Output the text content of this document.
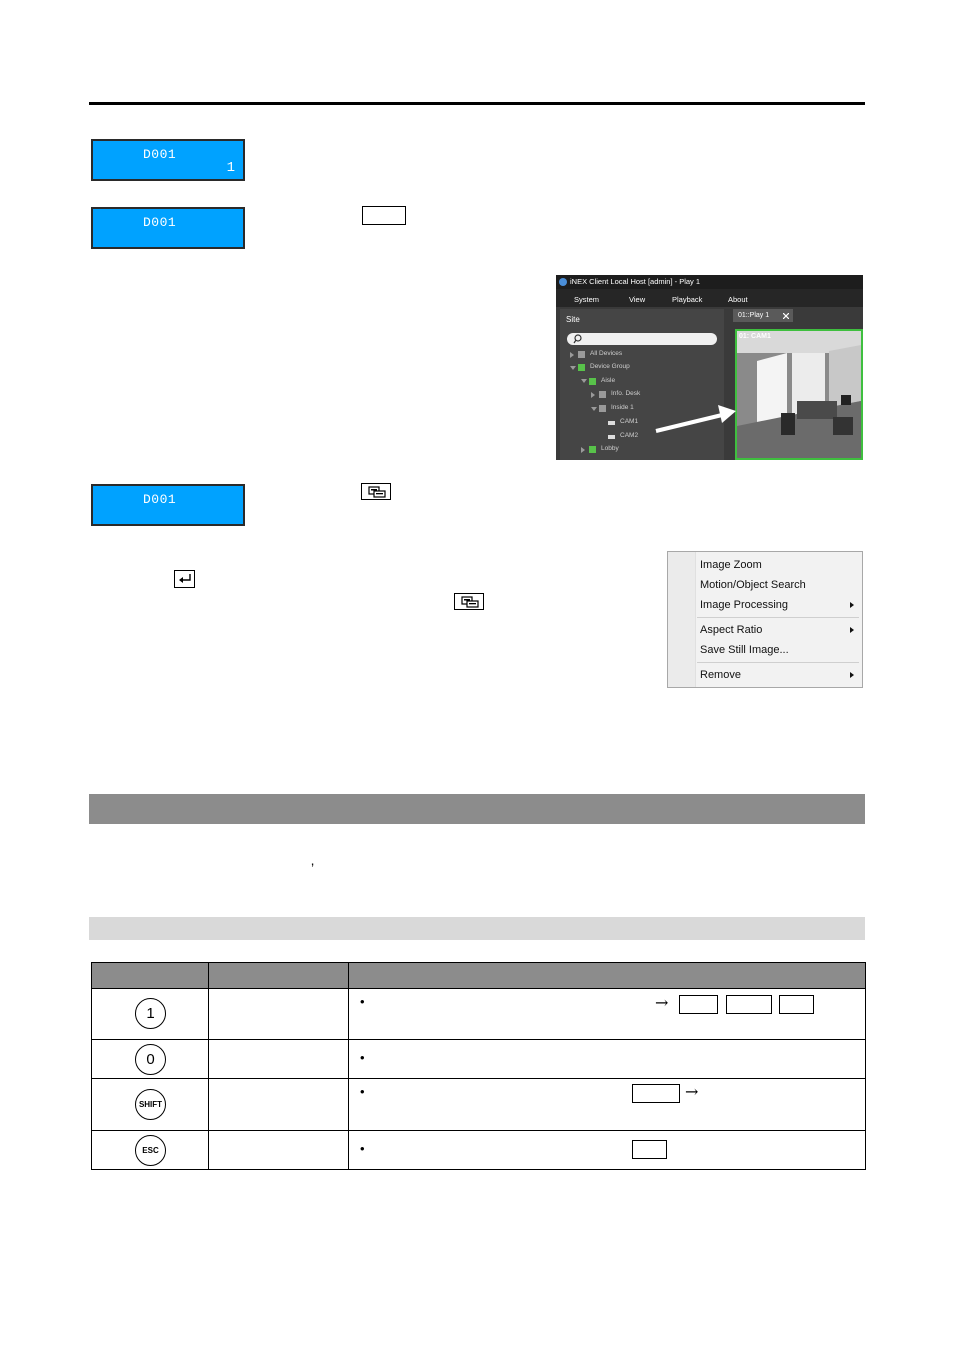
D001
1
D001
D001
iNEX Client Local Host [admin] - Play 1
System	View	Playback	About
Site
All Devices
Device Group
Aisle
Info. Desk
Inside 1
CAM1
CAM2
Lobby
01::Play 1
01: CAM1
Image Zoom
Motion/Object Search
Image Processing
Aspect Ratio
Save Still Image...
Remove
’

1		• →

0		•

SHIFT		• →

ESC		•
